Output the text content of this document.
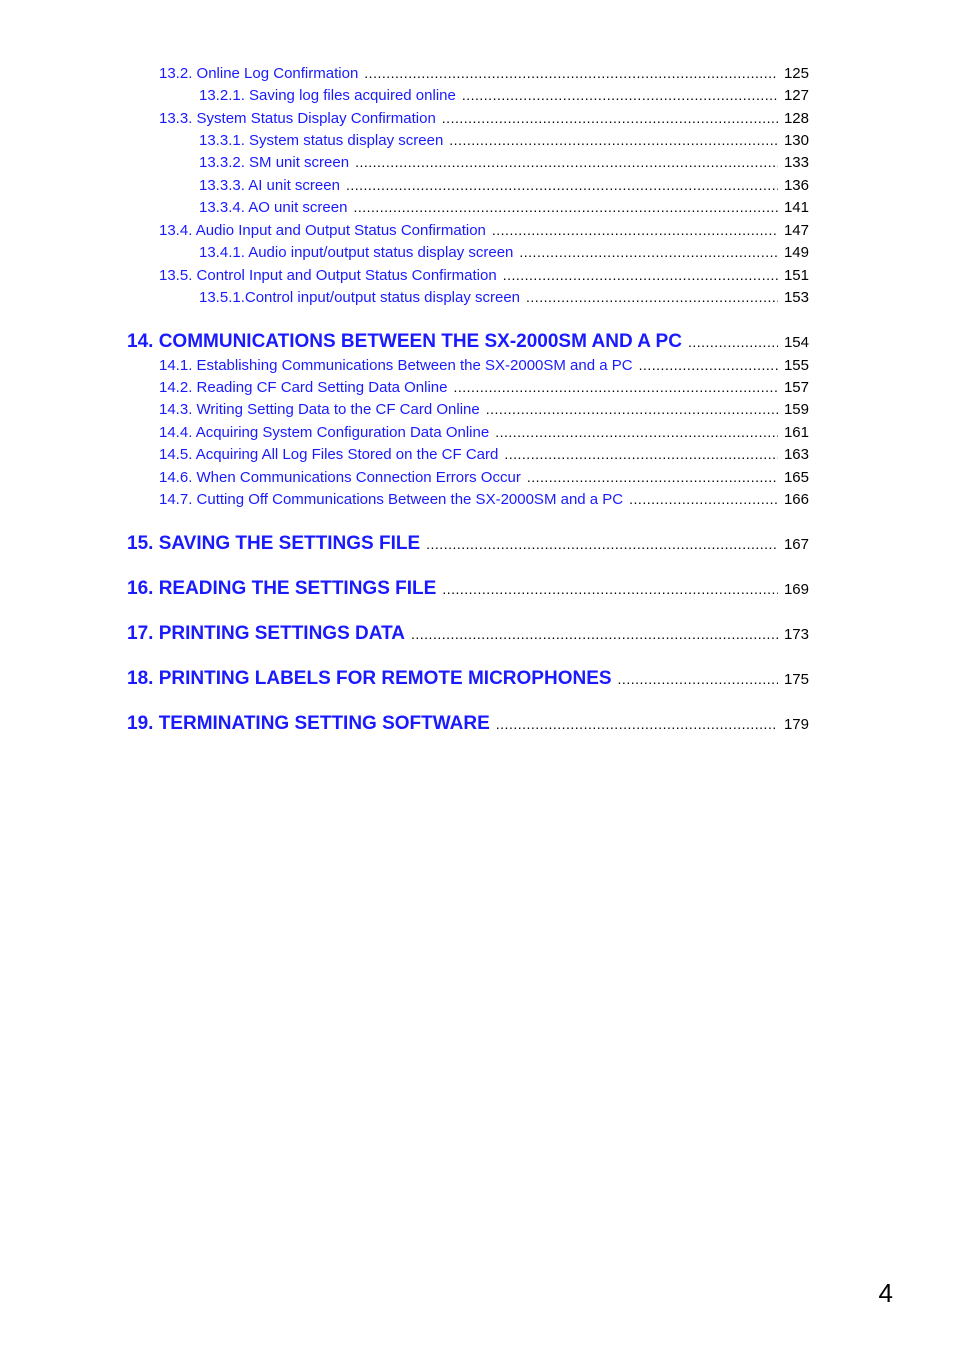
13.2. Online Log Confirmation .....	125
13.2.1. Saving log files acquired online .....	127
13.3. System Status Display Confirmation .....	128
13.3.1. System status display screen .....	130
13.3.2. SM unit screen .....	133
13.3.3. AI unit screen .....	136
13.3.4. AO unit screen .....	141
13.4. Audio Input and Output Status Confirmation .....	147
13.4.1. Audio input/output status display screen .....	149
13.5. Control Input and Output Status Confirmation .....	151
13.5.1.Control input/output status display screen .....	153
14. COMMUNICATIONS BETWEEN THE SX-2000SM AND A PC .....	154
14.1. Establishing Communications Between the SX-2000SM and a PC .....	155
14.2. Reading CF Card Setting Data Online .....	157
14.3. Writing Setting Data to the CF Card Online .....	159
14.4. Acquiring System Configuration Data Online .....	161
14.5. Acquiring All Log Files Stored on the CF Card .....	163
14.6. When Communications Connection Errors Occur .....	165
14.7. Cutting Off Communications Between the SX-2000SM and a PC .....	166
15. SAVING THE SETTINGS FILE .....	167
16. READING THE SETTINGS FILE .....	169
17. PRINTING SETTINGS DATA .....	173
18. PRINTING LABELS FOR REMOTE MICROPHONES .....	175
19. TERMINATING SETTING SOFTWARE .....	179
4
